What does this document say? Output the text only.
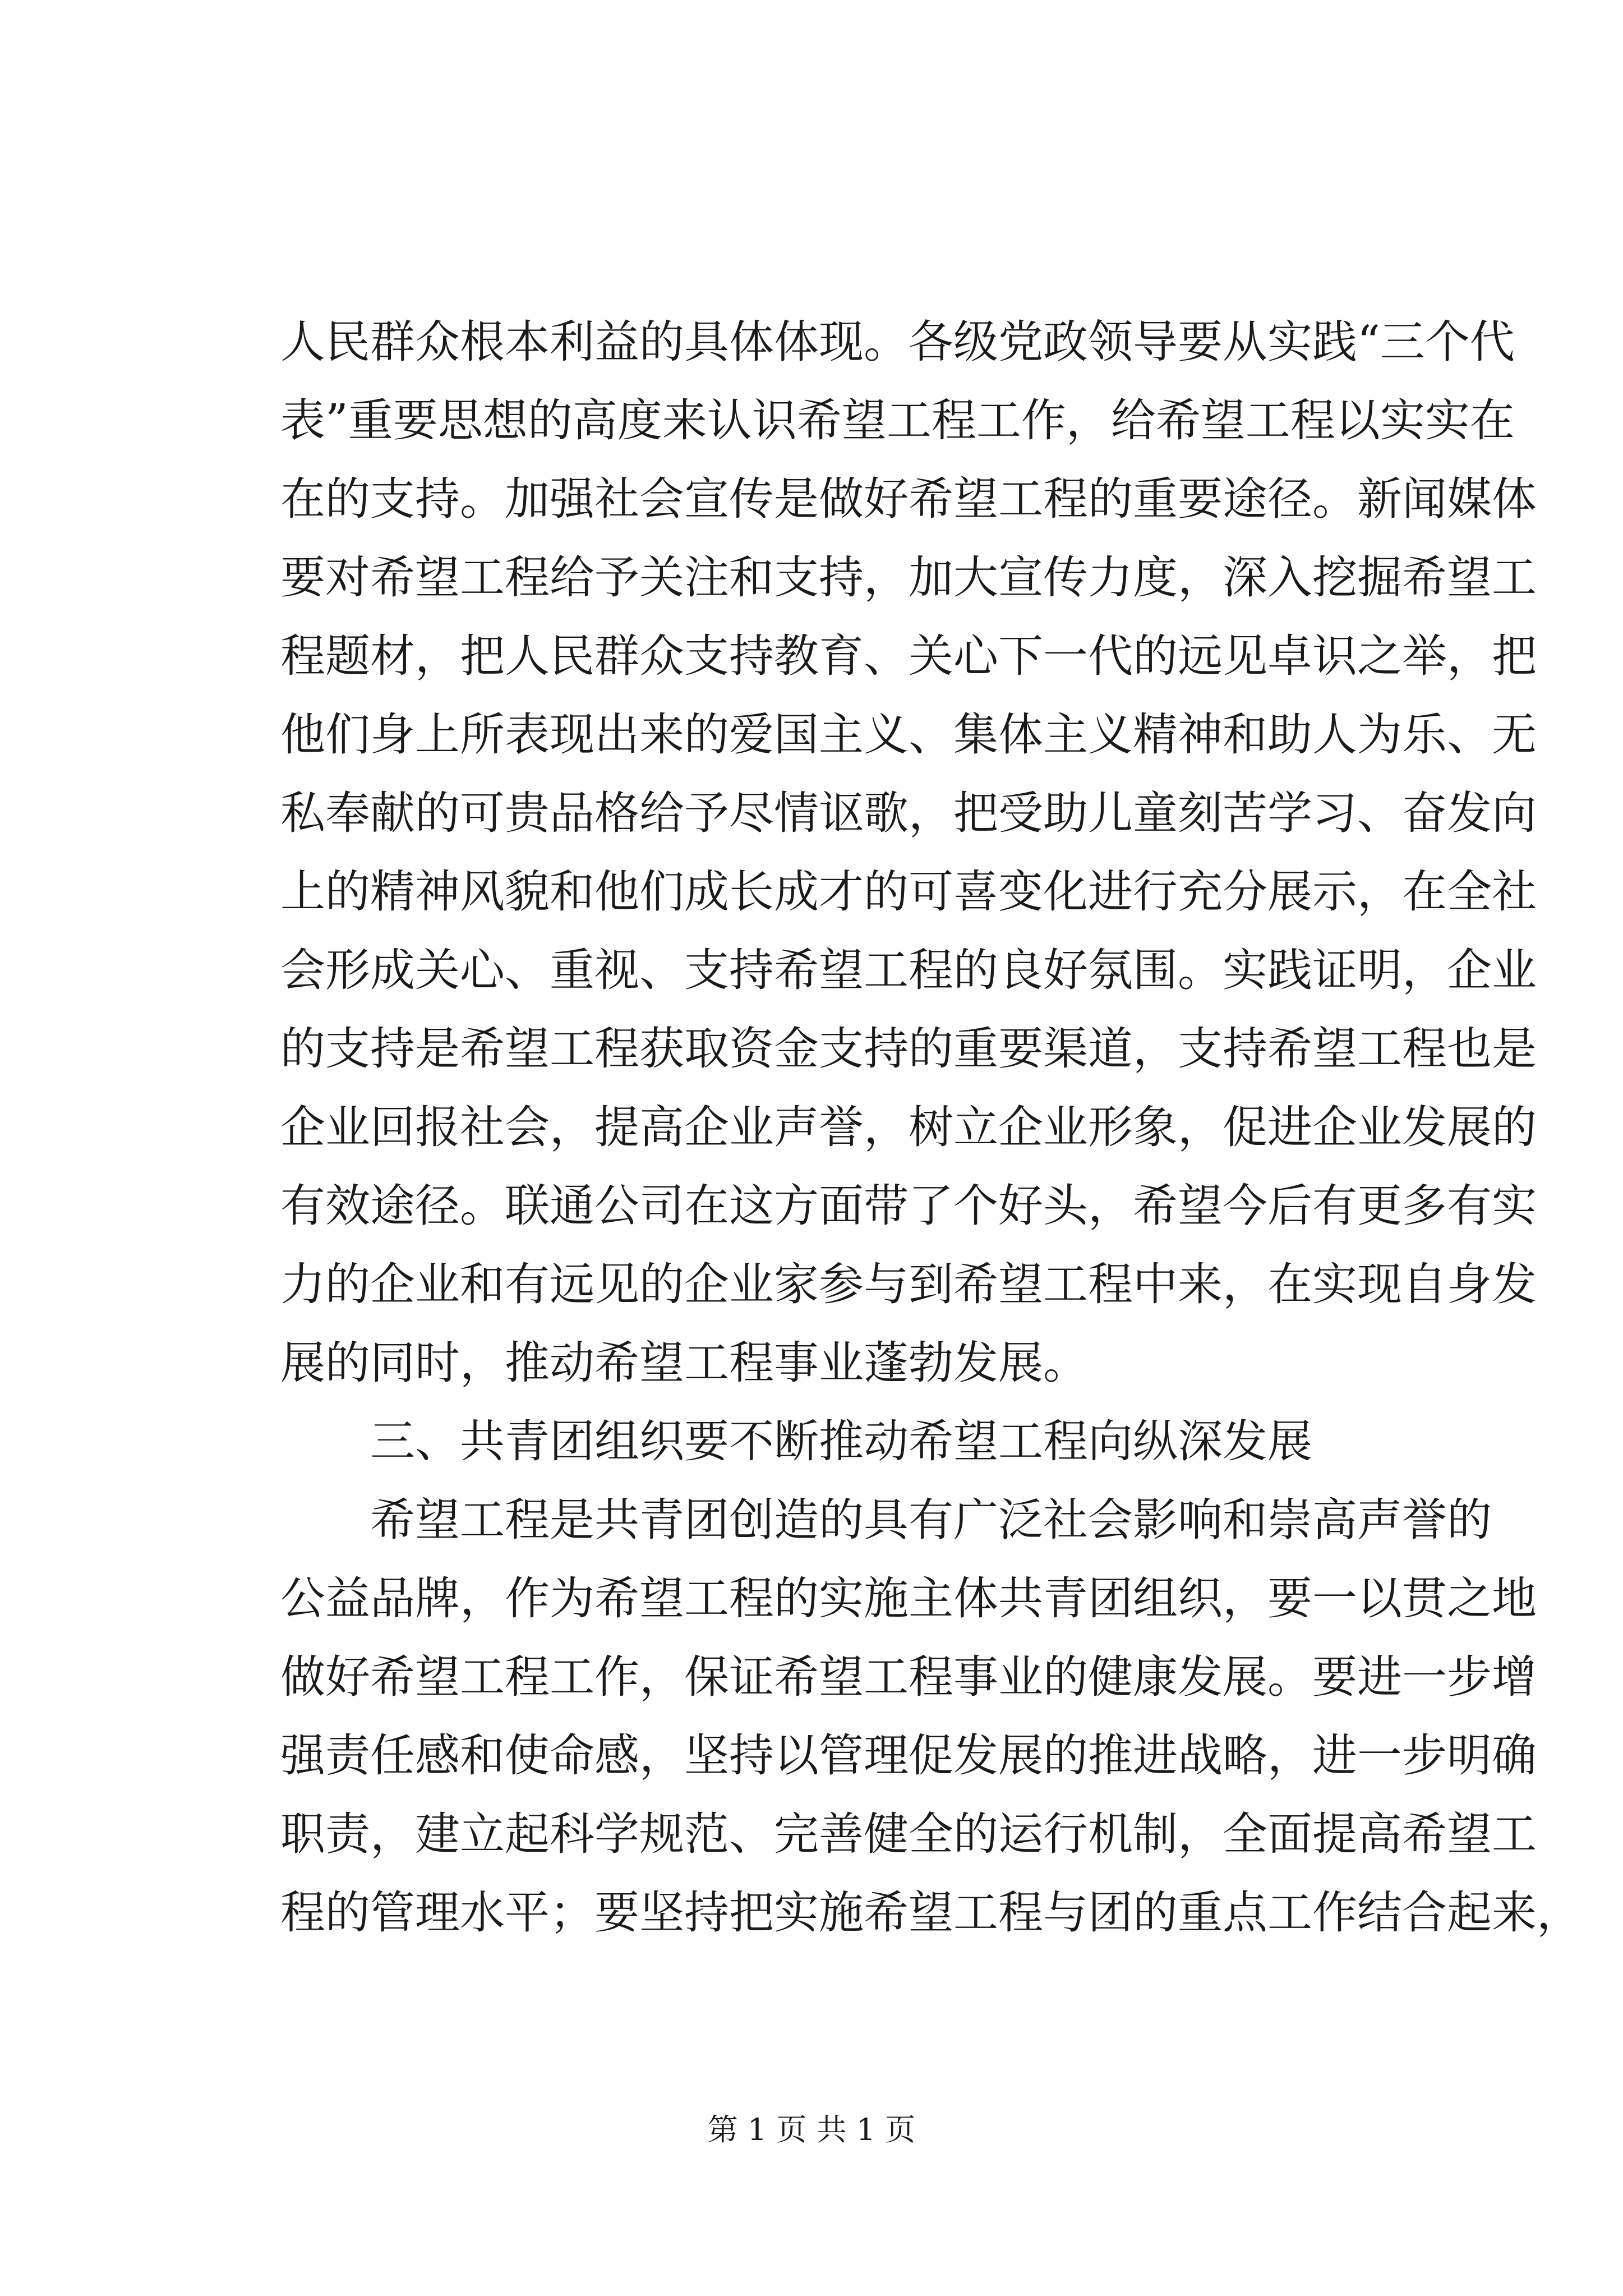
人民群众根本利益的具体体现。各级党政领导要从实践“三个代
表”重要思想的高度来认识希望工程工作，给希望工程以实实在
在的支持。加强社会宣传是做好希望工程的重要途径。新闻媒体
要对希望工程给予关注和支持，加大宣传力度，深入挖掘希望工
程题材，把人民群众支持教育、关心下一代的远见卓识之举，把
他们身上所表现出来的爱国主义、集体主义精神和助人为乐、无
私奉献的可贵品格给予尽情讴歌，把受助儿童刻苦学习、奋发向
上的精神风貌和他们成长成才的可喜变化进行充分展示，在全社
会形成关心、重视、支持希望工程的良好氛围。实践证明，企业
的支持是希望工程获取资金支持的重要渠道，支持希望工程也是
企业回报社会，提高企业声誉，树立企业形象，促进企业发展的
有效途径。联通公司在这方面带了个好头，希望今后有更多有实
力的企业和有远见的企业家参与到希望工程中来，在实现自身发
展的同时，推动希望工程事业蓬勃发展。
三、共青团组织要不断推动希望工程向纵深发展
希望工程是共青团创造的具有广泛社会影响和崇高声誉的
公益品牌，作为希望工程的实施主体共青团组织，要一以贯之地
做好希望工程工作，保证希望工程事业的健康发展。要进一步增
强责任感和使命感，坚持以管理促发展的推进战略，进一步明确
职责，建立起科学规范、完善健全的运行机制，全面提高希望工
程的管理水平；要坚持把实施希望工程与团的重点工作结合起来，
第 1 页 共 1 页
